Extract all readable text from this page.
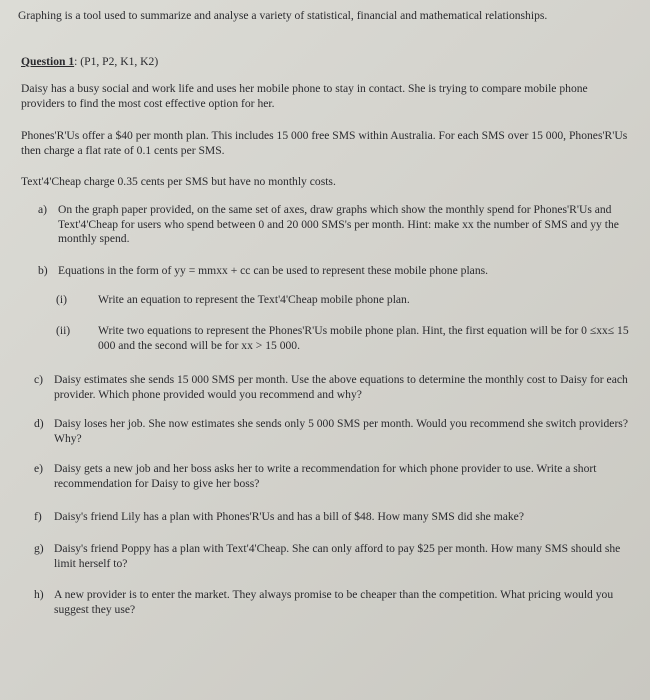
Graphing is a tool used to summarize and analyse a variety of statistical, financial and mathematical relationships.
Question 1: (P1, P2, K1, K2)
Daisy has a busy social and work life and uses her mobile phone to stay in contact. She is trying to compare mobile phone providers to find the most cost effective option for her.
Phones'R'Us offer a $40 per month plan. This includes 15 000 free SMS within Australia. For each SMS over 15 000, Phones'R'Us then charge a flat rate of 0.1 cents per SMS.
Text'4'Cheap charge 0.35 cents per SMS but have no monthly costs.
a) On the graph paper provided, on the same set of axes, draw graphs which show the monthly spend for Phones'R'Us and Text'4'Cheap for users who spend between 0 and 20 000 SMS's per month. Hint: make xx the number of SMS and yy the monthly spend.
b) Equations in the form of yy = mmxx + cc can be used to represent these mobile phone plans.
(i)	Write an equation to represent the Text'4'Cheap mobile phone plan.
(ii)	Write two equations to represent the Phones'R'Us mobile phone plan. Hint, the first equation will be for 0 ≤xx≤ 15 000 and the second will be for xx > 15 000.
c) Daisy estimates she sends 15 000 SMS per month. Use the above equations to determine the monthly cost to Daisy for each provider. Which phone provided would you recommend and why?
d) Daisy loses her job. She now estimates she sends only 5 000 SMS per month. Would you recommend she switch providers? Why?
e) Daisy gets a new job and her boss asks her to write a recommendation for which phone provider to use. Write a short recommendation for Daisy to give her boss?
f)	Daisy's friend Lily has a plan with Phones'R'Us and has a bill of $48. How many SMS did she make?
g) Daisy's friend Poppy has a plan with Text'4'Cheap. She can only afford to pay $25 per month. How many SMS should she limit herself to?
h) A new provider is to enter the market. They always promise to be cheaper than the competition. What pricing would you suggest they use?
